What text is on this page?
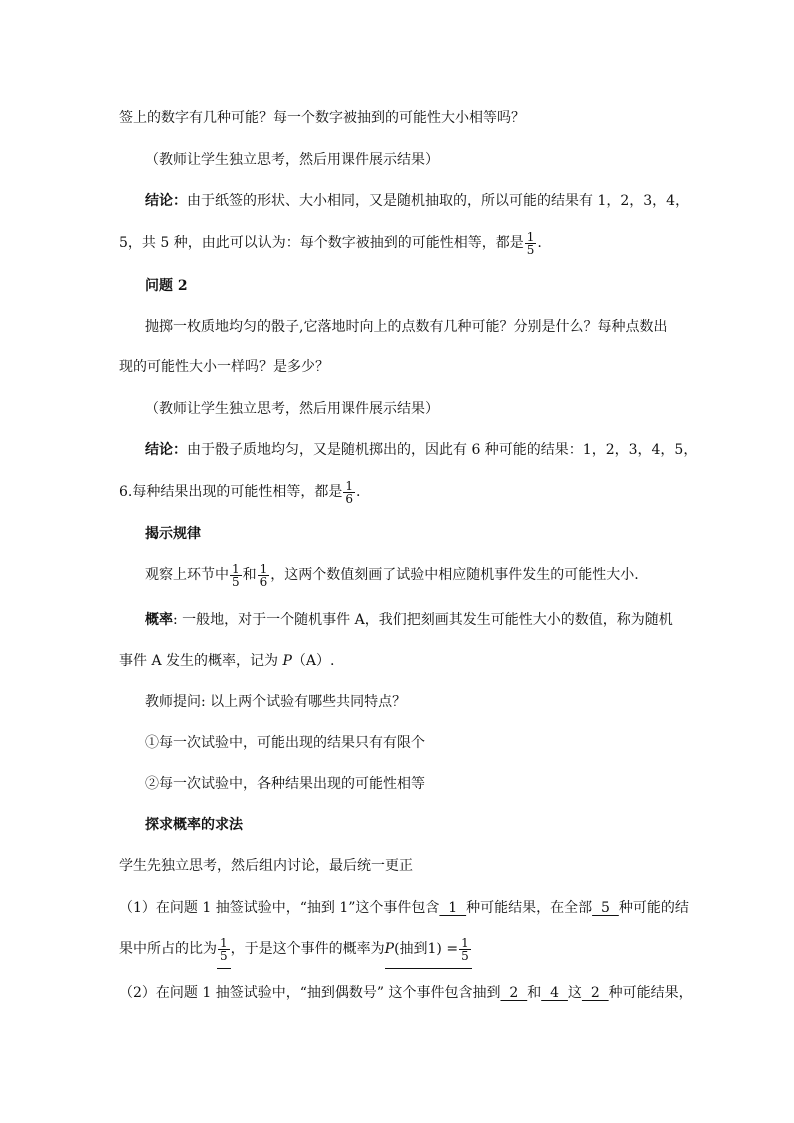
签上的数字有几种可能？每一个数字被抽到的可能性大小相等吗？
（教师让学生独立思考，然后用课件展示结果）
结论：由于纸签的形状、大小相同，又是随机抽取的，所以可能的结果有 1，2，3，4，
5，共 5 种，由此可以认为：每个数字被抽到的可能性相等，都是 $\frac{1}{5}$ .
问题 2
抛掷一枚质地均匀的骰子,它落地时向上的点数有几种可能？分别是什么？每种点数出
现的可能性大小一样吗？是多少？
（教师让学生独立思考，然后用课件展示结果）
结论：由于骰子质地均匀，又是随机掷出的，因此有 6 种可能的结果：1，2，3，4，5，
6.每种结果出现的可能性相等，都是 $\frac{1}{6}$ .
揭示规律
观察上环节中 $\frac{1}{5}$ 和 $\frac{1}{6}$ ，这两个数值刻画了试验中相应随机事件发生的可能性大小.
概率: 一般地，对于一个随机事件 A，我们把刻画其发生可能性大小的数值，称为随机
事件 A 发生的概率，记为 P（A）.
教师提问: 以上两个试验有哪些共同特点？
①每一次试验中，可能出现的结果只有有限个
②每一次试验中，各种结果出现的可能性相等
探求概率的求法
学生先独立思考，然后组内讨论，最后统一更正
（1）在问题 1 抽签试验中，“抽到 1”这个事件包含  1  种可能结果，在全部  5  种可能的结
果中所占的比为 $\frac{1}{5}$ ，于是这个事件的概率为P(抽到$1) = \frac{1}{5}$
（2）在问题 1 抽签试验中，“抽到偶数号” 这个事件包含抽到  2  和  4  这  2  种可能结果，
